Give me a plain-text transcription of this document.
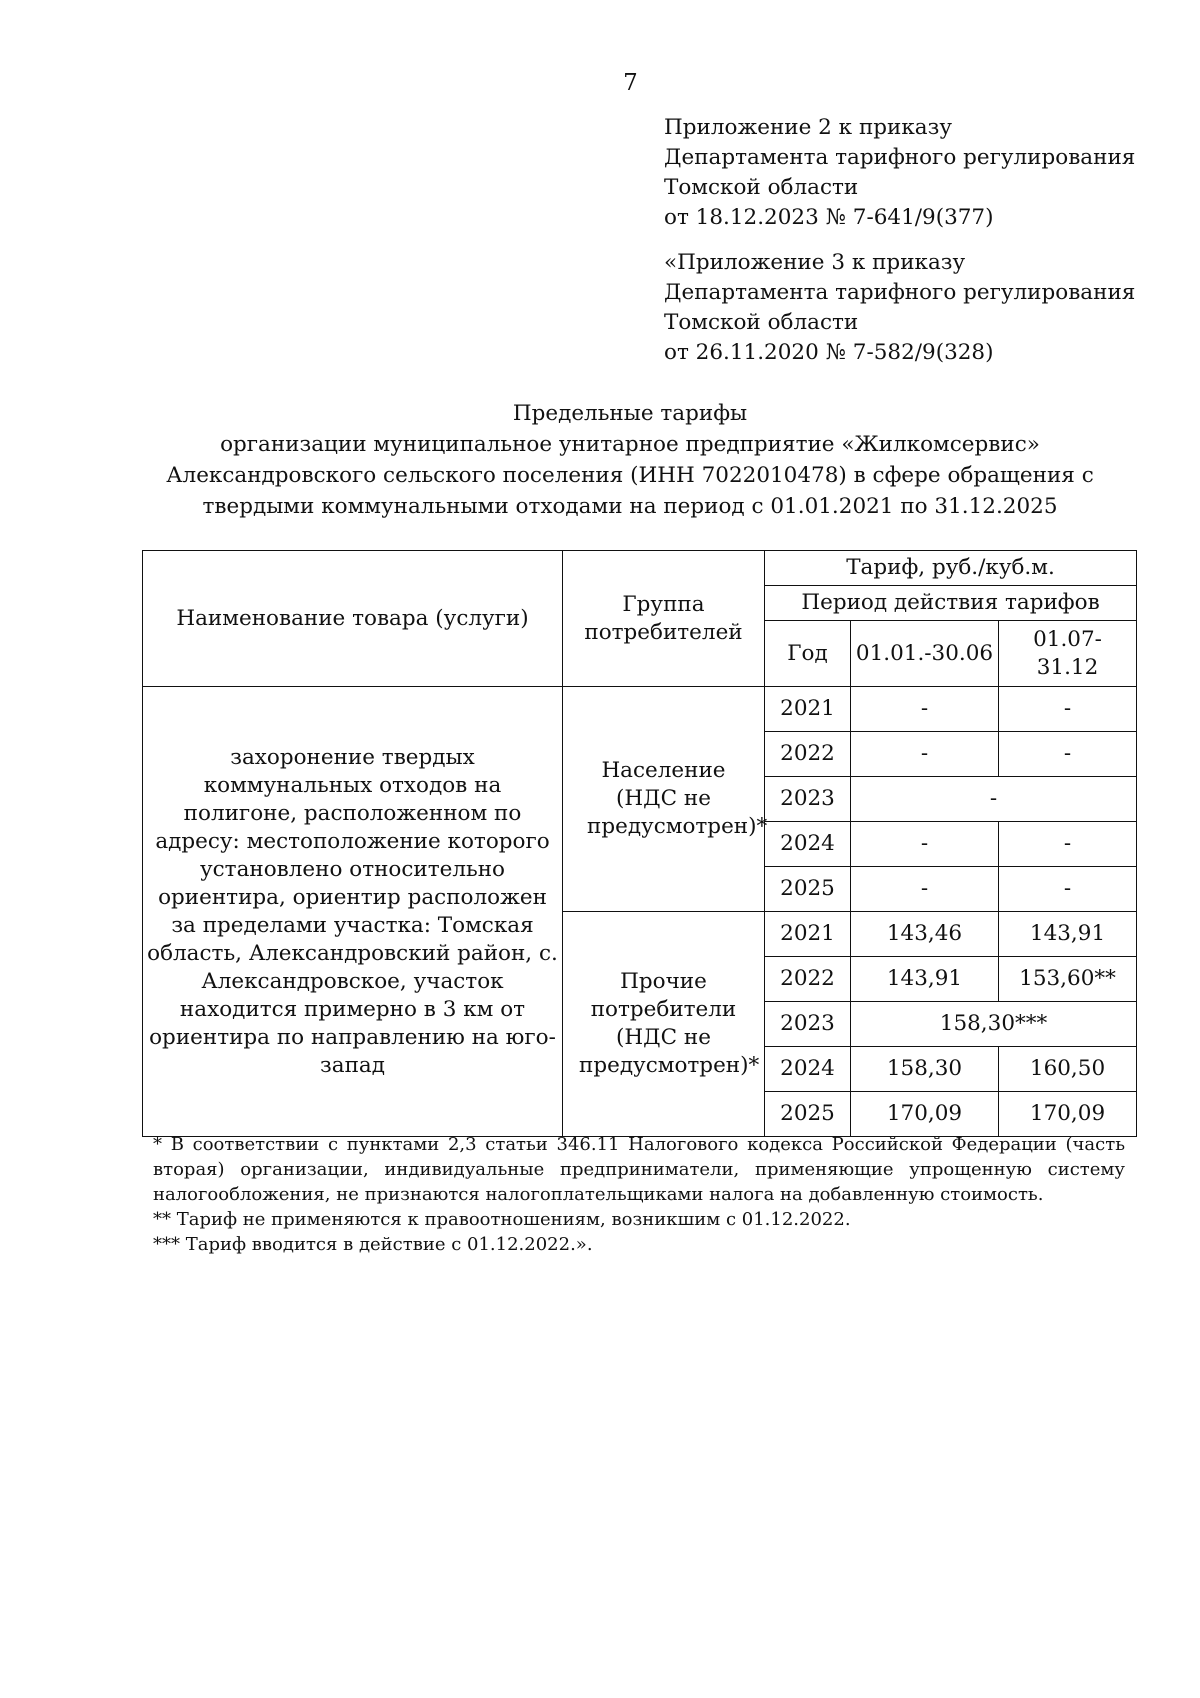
7
Приложение 2 к приказу
Департамента тарифного регулирования
Томской области
от 18.12.2023 № 7-641/9(377)
«Приложение 3 к приказу
Департамента тарифного регулирования
Томской области
от 26.11.2020 № 7-582/9(328)
Предельные тарифы
организации муниципальное унитарное предприятие «Жилкомсервис»
Александровского сельского поселения (ИНН 7022010478) в сфере обращения с
твердыми коммунальными отходами на период с 01.01.2021 по 31.12.2025
Наименование товара (услуги)	Группа потребителей	Тариф, руб./куб.м.		
		Период действия тарифов		
		Год	01.01.-30.06	01.07-31.12
захоронение твердых коммунальных отходов на полигоне, расположенном по адресу: местоположение которого установлено относительно ориентира, ориентир расположен за пределами участка: Томская область, Александровский район, с. Александровское, участок находится примерно в 3 км от ориентира по направлению на юго-запад	Население (НДС не предусмотрен)*	2021	-	-
		2022	-	-
		2023	-	
		2024	-	-
		2025	-	-
	Прочие потребители (НДС не предусмотрен)*	2021	143,46	143,91
		2022	143,91	153,60**
		2023	158,30***	
		2024	158,30	160,50
		2025	170,09	170,09
* В соответствии с пунктами 2,3 статьи 346.11 Налогового кодекса Российской Федерации (часть вторая) организации, индивидуальные предприниматели, применяющие упрощенную систему налогообложения, не признаются налогоплательщиками налога на добавленную стоимость.
** Тариф не применяются к правоотношениям, возникшим с 01.12.2022.
*** Тариф вводится в действие с 01.12.2022.».
